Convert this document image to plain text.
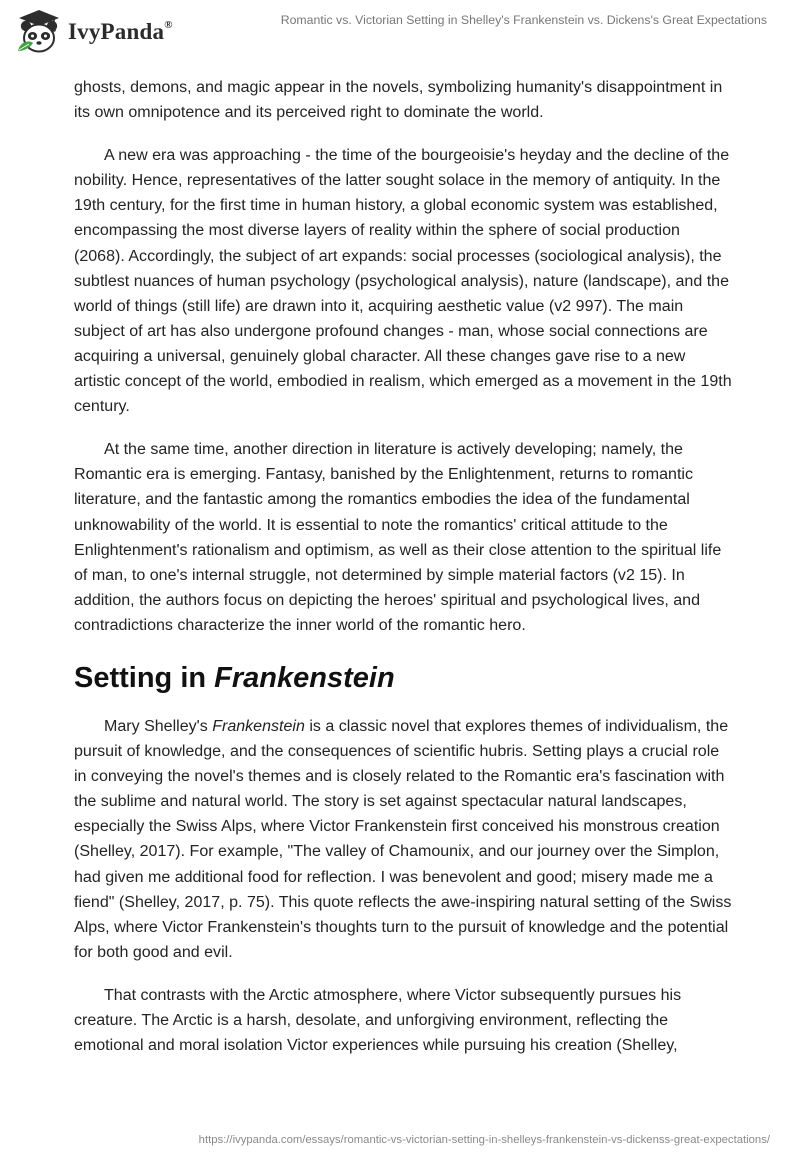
IvyPanda®	Romantic vs. Victorian Setting in Shelley's Frankenstein vs. Dickens's Great Expectations

ghosts, demons, and magic appear in the novels, symbolizing humanity's disappointment in its own omnipotence and its perceived right to dominate the world.

A new era was approaching - the time of the bourgeoisie's heyday and the decline of the nobility. Hence, representatives of the latter sought solace in the memory of antiquity. In the 19th century, for the first time in human history, a global economic system was established, encompassing the most diverse layers of reality within the sphere of social production (2068). Accordingly, the subject of art expands: social processes (sociological analysis), the subtlest nuances of human psychology (psychological analysis), nature (landscape), and the world of things (still life) are drawn into it, acquiring aesthetic value (v2 997). The main subject of art has also undergone profound changes - man, whose social connections are acquiring a universal, genuinely global character. All these changes gave rise to a new artistic concept of the world, embodied in realism, which emerged as a movement in the 19th century.

At the same time, another direction in literature is actively developing; namely, the Romantic era is emerging. Fantasy, banished by the Enlightenment, returns to romantic literature, and the fantastic among the romantics embodies the idea of the fundamental unknowability of the world. It is essential to note the romantics' critical attitude to the Enlightenment's rationalism and optimism, as well as their close attention to the spiritual life of man, to one's internal struggle, not determined by simple material factors (v2 15). In addition, the authors focus on depicting the heroes' spiritual and psychological lives, and contradictions characterize the inner world of the romantic hero.

Setting in Frankenstein

Mary Shelley's Frankenstein is a classic novel that explores themes of individualism, the pursuit of knowledge, and the consequences of scientific hubris. Setting plays a crucial role in conveying the novel's themes and is closely related to the Romantic era's fascination with the sublime and natural world. The story is set against spectacular natural landscapes, especially the Swiss Alps, where Victor Frankenstein first conceived his monstrous creation (Shelley, 2017). For example, "The valley of Chamounix, and our journey over the Simplon, had given me additional food for reflection. I was benevolent and good; misery made me a fiend" (Shelley, 2017, p. 75). This quote reflects the awe-inspiring natural setting of the Swiss Alps, where Victor Frankenstein's thoughts turn to the pursuit of knowledge and the potential for both good and evil.

That contrasts with the Arctic atmosphere, where Victor subsequently pursues his creature. The Arctic is a harsh, desolate, and unforgiving environment, reflecting the emotional and moral isolation Victor experiences while pursuing his creation (Shelley,

https://ivypanda.com/essays/romantic-vs-victorian-setting-in-shelleys-frankenstein-vs-dickenss-great-expectations/
